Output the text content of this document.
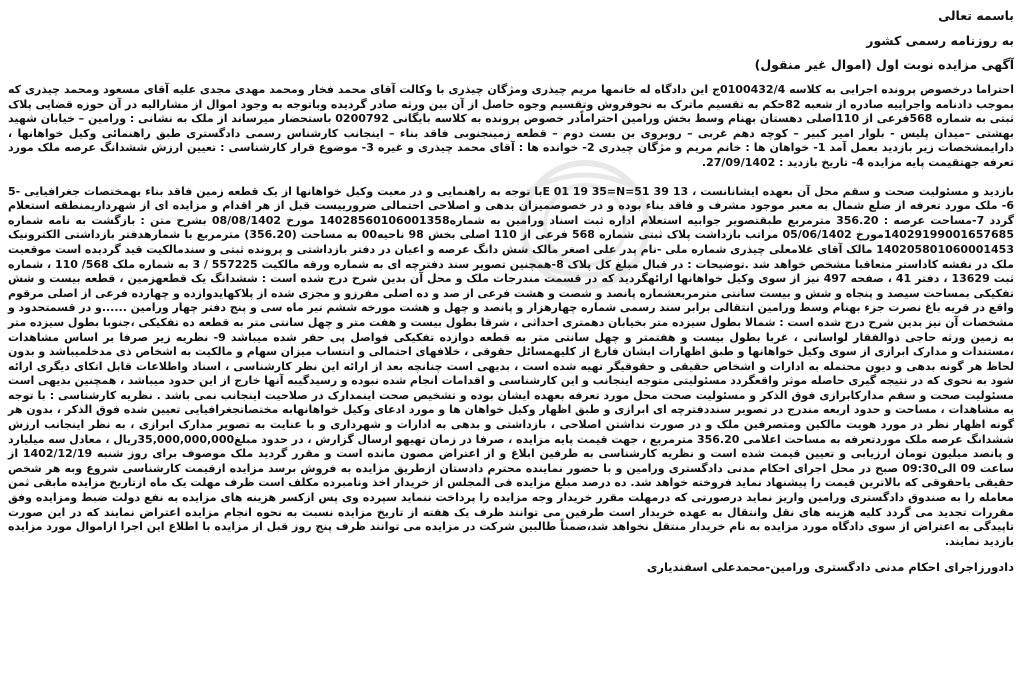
باسمه تعالی

به روزنامه رسمی کشور

آگهی مزایده نوبت اول (اموال غیر منقول)

احتراما درخصوص پرونده اجرایی به کلاسه 0100432/4ج این دادگاه له خانمها مریم چیذری ومژگان چیذری با وکالت آقای محمد فخار ومحمد مهدی مجدی علیه آقای مسعود ومحمد چیذری که بموجب دادنامه واجراییه صادره از شعبه 82حکم به تقسیم ماترک به نحوفروش وتقسیم وجوه حاصل از آن بین ورثه صادر گردیده وباتوجه به وجود اموال از مشاراليه در آن حوزه قضایی پلاک ثبتی به شماره 568فرعی از 110اصلی دهستان بهنام وسط بخش ورامین احتراماًدر خصوص پرونده به کلاسه بایگانی 0200792 باستحضار میرساند از ملک به نشانی : ورامین – خیابان شهید بهشتی –میدان پلیس - بلوار امیر کبیر – کوچه دهم غربی – روبروی بن بست دوم – قطعه زمینجنوبی فاقد بناء – اینجانب کارشناس رسمی دادگستری طبق راهنمائی وکیل خواهانها ، دارایمشخصات زیر بازدید بعمل آمد 1- خواهان ها : خانم مریم و مژگان چیذری 2- خوانده ها : آقای محمد چیذری و غیره 3- موضوع قرار کارشناسی : تعیین ارزش ششدانگ عرصه ملک مورد تعرفه جهتقیمت پایه مزایده 4- تاریخ بازدید : 27/09/1402.

بازدید و مسئولیت صحت و سقم محل آن بعهده ایشانانست ، 13 39 51=E 01 19 35=Nبا توجه به راهنمایی و در معیت وکیل خواهانها از یک قطعه زمین فاقد بناء بهمختصات جغرافیایی -5 6- ملک مورد تعرفه از ضلع شمال به معبر موجود مشرف و فاقد بناء بوده و در خصوصمیزان بدهی و اصلاحی احتمالی ضرورییست قبل از هر اقدام و مزایده ای از شهرداریمنطقه استعلام گردد 7-مساحت عرصه : 356.20 مترمربع طبقتصویر جوابیه استعلام اداره ثبت اسناد ورامین به شماره14028560106001358 مورخ 08/08/1402 بشرح متن : بازگشت به نامه شماره 14029199001657685مورخ 05/06/1402 مراتب بازداشت پلاک ثبتی شماره 568 فرعی از 110 اصلی بخش 98 ناحیه00 به مساحت (356.20) مترمربع با شمارهدفتر بازداشتی الکترونیک 140205801060001453 مالک آقای غلامعلی چیذری شماره ملی -نام پدر علی اصغر مالک شش دانگ عرصه و اعیان در دفتر بازداشتی و پرونده ثبتی و سندمالکیت قید گردیده است موقعیت ملک در نقشه کاداستر متعاقبا مشخص خواهد شد .توضیحات : در قبال مبلغ کل پلاک 8-همچنین تصویر سند دفترچه ای به شماره ورقه مالکیت 557225 / 3 به شماره ملک 568/ 110 ، شماره ثبت 13629 ، دفتر 41 ، صفحه 497 نیز از سوی وکیل خواهانها ارائهگردید که در قسمت مندرجات ملک و محل آن بدین شرح درج شده است : ششدانگ یک قطعهزمین ، قطعه بیست و شش تفکیکی بمساحت سیصد و پنجاه و شش و بیست سانتی مترمربعشماره پانصد و شصت و هشت فرعی از صد و ده اصلی مفرزو و مجزی شده از پلاکهایدوازده و چهارده فرعی از اصلی مرقوم واقع در قریه باغ نصرت جزء بهنام وسط ورامین انتقالی برابر سند رسمی شماره چهارهزار و پانصد و چهل و هشت مورخه ششم تیر ماه سی و پنج دفتر چهار ورامین ......و در قسمتحدود و مشخصات آن نیز بدین شرح درج شده است : شمالا بطول سیزده متر بخیابان دهمتری احداثی ، شرقا بطول بیست و هفت متر و چهل سانتی متر به قطعه ده تفکیکی ،جنوبا بطول سیزده متر به زمین ورثه حاجی ذوالفقار لواسانی ، غربا بطول بیست و هفتمتر و چهل سانتی متر به قطعه دوازده تفکیکی فواصل پی حفر شده میباشد 9- نظریه زیر صرفا بر اساس مشاهدات ،مستندات و مدارک ابرازی از سوی وکیل خواهانها و طبق اظهارات ایشان فارغ از کلیهمسائل حقوقی ، خلافهای احتمالی و انتساب میزان سهام و مالکیت به اشخاص ذی مدخلمیباشد و بدون لحاظ هر گونه بدهی و دیون محتمله به ادارات و اشخاص حقیقی و حقوقیگر تهیه شده است ، بدیهی است چنانچه بعد از ارائه این نظر کارشناسی ، اسناد واطلاعات قابل اتکای دیگری ارائه شود به نحوی که در نتیجه گیری حاصله موثر واقعگردد مسئولیتی متوجه اینجانب و این کارشناسی و اقدامات انجام شده نبوده و رسیدگیبه آنها خارج از این حدود میباشد ، همچنین بدیهی است مسئولیت صحت و سقم مدارکابرازی فوق الذکر و مسئولیت صحت محل مورد تعرفه بعهده ایشان بوده و تشخیص صحت اینمدارک در صلاحیت اینجانب نمی باشد . نظریه کارشناسی : با توجه به مشاهدات ، مساحت و حدود اربعه مندرج در تصویر سنددفترچه ای ابرازی و طبق اظهار وکیل خواهان ها و مورد ادعای وکیل خواهانهابه مختصاتجغرافیایی تعیین شده فوق الذکر ، بدون هر گونه اظهار نظر در مورد هویت مالکین ومتصرفین ملک و در صورت نداشتن اصلاحی ، بازداشتی و بدهی به ادارات و شهرداری و با عنایت به تصویر مدارک ابرازی ، به نظر اینجانب ارزش ششدانگ عرصه ملک موردتعرفه به مساحت اعلامی 356.20 مترمربع ، جهت قیمت پایه مزایده ، صرفا در زمان تهیهو ارسال گزارش ، در حدود مبلغ35,000,000,000ریال ، معادل سه میلیارد و پانصد میلیون تومان ارزیابی و تعیین قیمت شده است و نظریه کارشناسی به طرفین ابلاغ و از اعتراض مصون مانده است و مقرر گردید ملک موصوف برای روز شنبه 1402/12/19 از ساعت 09 الی09:30 صبح در محل اجرای احکام مدنی دادگستری ورامین و با حضور نماینده محترم دادستان ازطریق مزایده به فروش برسد مزایده ازقیمت کارشناسی شروع وبه هر شخص حقیقی یاحقوقی که بالاترین قیمت را پیشنهاد نماید فروخته خواهد شد. ده درصد مبلغ مزایده فی المجلس از خریدار اخذ ونامبرده مکلف است ظرف مهلت یک ماه ازتاریخ مزایده مابقی ثمن معامله را به صندوق دادگستری ورامین واریز نماید درصورتی که درمهلت مقرر خریدار وجه مزایده را پرداخت ننماید سپرده وی پس ازکسر هزینه های مزایده به نفع دولت ضبط ومزایده وفق مقررات تجدید می گردد کلیه هزینه های نقل وانتقال به عهده خریدار است طرفین می توانند ظرف یک هفته از تاریخ مزایده نسبت به نحوه انجام مزایده اعتراض نمایند که در این صورت تاپیدگی به اعتراض از سوی دادگاه مورد مزایده به نام خریدار منتقل نخواهد شد،ضمناً طالبین شرکت در مزایده می توانند ظرف پنج روز قبل از مزایده با اطلاع این اجرا ازاموال مورد مزایده بازدید نمایند.

دادورزاجرای احکام مدنی دادگستری ورامین-محمدعلی اسفندیاری
